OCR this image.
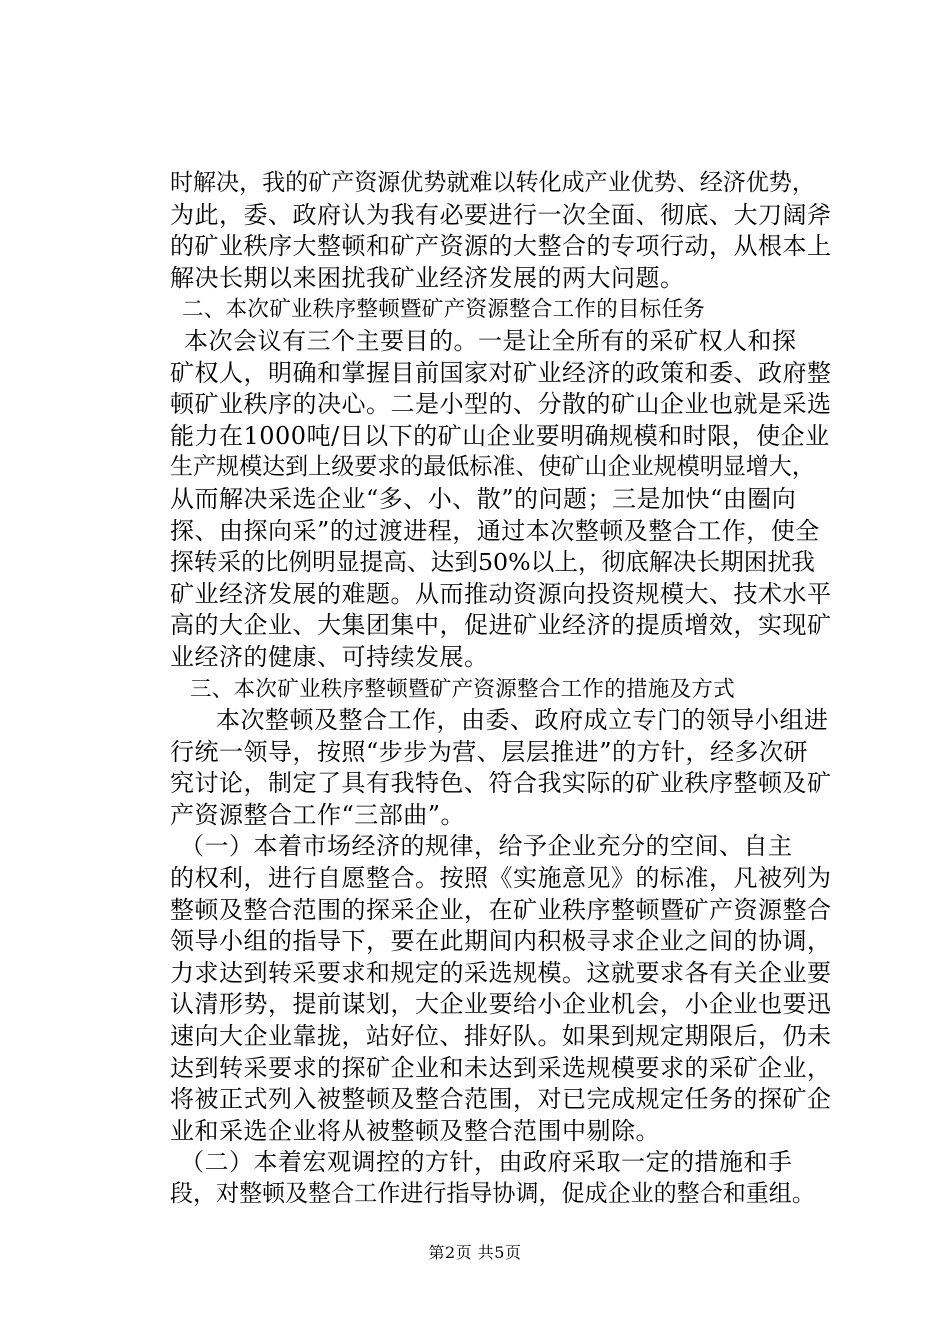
时解决，我的矿产资源优势就难以转化成产业优势、经济优势，
为此，委、政府认为我有必要进行一次全面、彻底、大刀阔斧
的矿业秩序大整顿和矿产资源的大整合的专项行动，从根本上
解决长期以来困扰我矿业经济发展的两大问题。
二、本次矿业秩序整顿暨矿产资源整合工作的目标任务
本次会议有三个主要目的。一是让全所有的采矿权人和探
矿权人，明确和掌握目前国家对矿业经济的政策和委、政府整
顿矿业秩序的决心。二是小型的、分散的矿山企业也就是采选
能力在1000吨/日以下的矿山企业要明确规模和时限，使企业
生产规模达到上级要求的最低标准、使矿山企业规模明显增大，
从而解决采选企业“多、小、散”的问题；三是加快“由圈向
探、由探向采”的过渡进程，通过本次整顿及整合工作，使全
探转采的比例明显提高、达到50%以上，彻底解决长期困扰我
矿业经济发展的难题。从而推动资源向投资规模大、技术水平
高的大企业、大集团集中，促进矿业经济的提质增效，实现矿
业经济的健康、可持续发展。
三、本次矿业秩序整顿暨矿产资源整合工作的措施及方式
本次整顿及整合工作，由委、政府成立专门的领导小组进
行统一领导，按照“步步为营、层层推进”的方针，经多次研
究讨论，制定了具有我特色、符合我实际的矿业秩序整顿及矿
产资源整合工作“三部曲”。
（一）本着市场经济的规律，给予企业充分的空间、自主
的权利，进行自愿整合。按照《实施意见》的标准，凡被列为
整顿及整合范围的探采企业，在矿业秩序整顿暨矿产资源整合
领导小组的指导下，要在此期间内积极寻求企业之间的协调，
力求达到转采要求和规定的采选规模。这就要求各有关企业要
认清形势，提前谋划，大企业要给小企业机会，小企业也要迅
速向大企业靠拢，站好位、排好队。如果到规定期限后，仍未
达到转采要求的探矿企业和未达到采选规模要求的采矿企业，
将被正式列入被整顿及整合范围，对已完成规定任务的探矿企
业和采选企业将从被整顿及整合范围中剔除。
（二）本着宏观调控的方针，由政府采取一定的措施和手
段，对整顿及整合工作进行指导协调，促成企业的整合和重组。
第2页 共5页
